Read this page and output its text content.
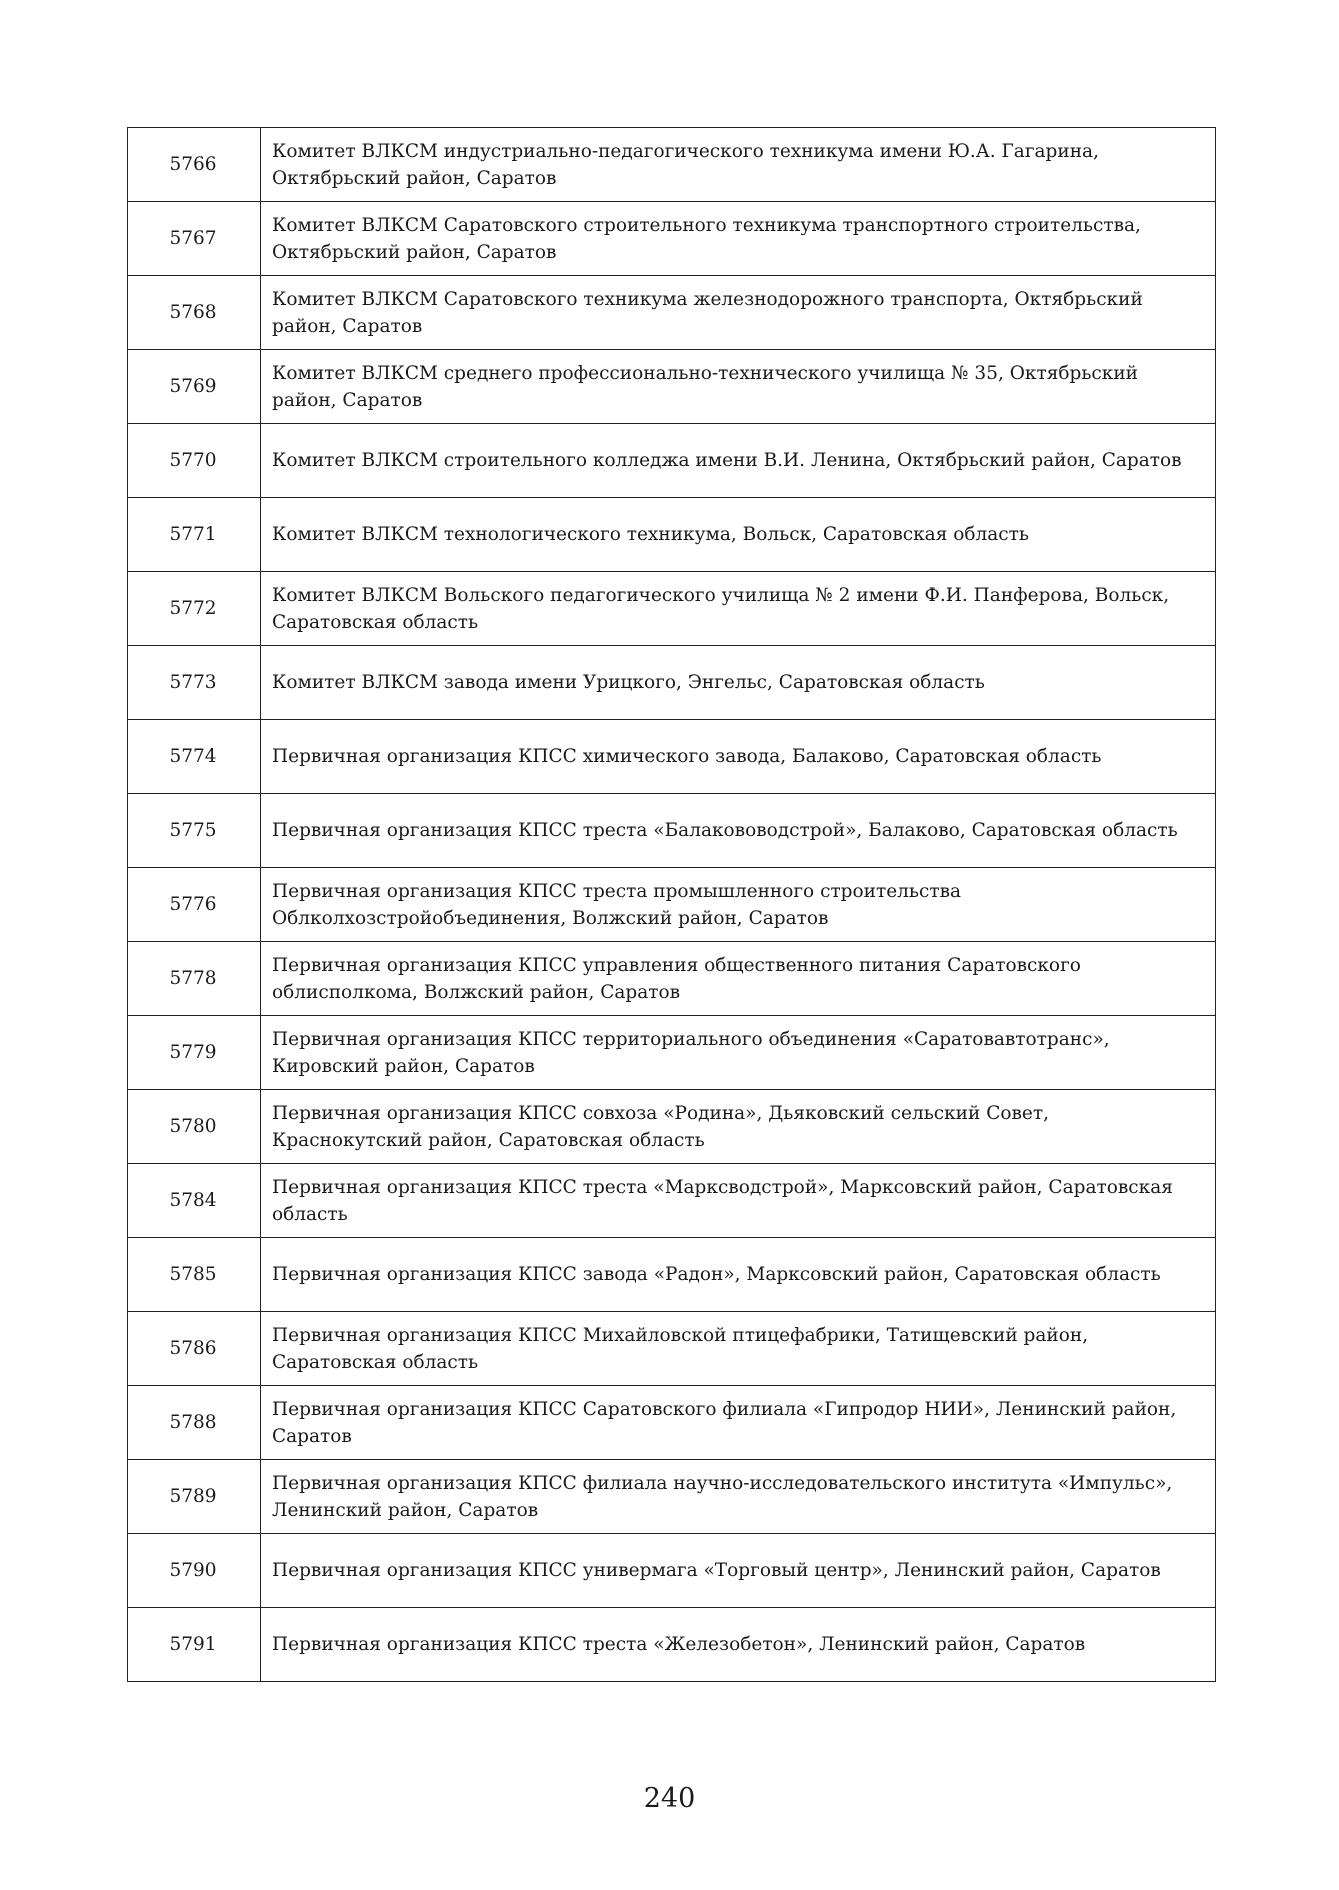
5766	Комитет ВЛКСМ индустриально-педагогического техникума имени Ю.А. Гагарина, Октябрьский район, Саратов
5767	Комитет ВЛКСМ Саратовского строительного техникума транспортного строительства, Октябрьский район, Саратов
5768	Комитет ВЛКСМ Саратовского техникума железнодорожного транспорта, Октябрьский район, Саратов
5769	Комитет ВЛКСМ среднего профессионально-технического училища № 35, Октябрьский район, Саратов
5770	Комитет ВЛКСМ строительного колледжа имени В.И. Ленина, Октябрьский район, Саратов
5771	Комитет ВЛКСМ технологического техникума, Вольск, Саратовская область
5772	Комитет ВЛКСМ Вольского педагогического училища № 2 имени Ф.И. Панферова, Вольск, Саратовская область
5773	Комитет ВЛКСМ завода имени Урицкого, Энгельс, Саратовская область
5774	Первичная организация КПСС химического завода, Балаково, Саратовская область
5775	Первичная организация КПСС треста «Балакововодстрой», Балаково, Саратовская область
5776	Первичная организация КПСС треста промышленного строительства Облколхозстройобъединения, Волжский район, Саратов
5778	Первичная организация КПСС управления общественного питания Саратовского облисполкома, Волжский район, Саратов
5779	Первичная организация КПСС территориального объединения «Саратовавтотранс», Кировский район, Саратов
5780	Первичная организация КПСС совхоза «Родина», Дьяковский сельский Совет, Краснокутский район, Саратовская область
5784	Первичная организация КПСС треста «Марксводстрой», Марксовский район, Саратовская область
5785	Первичная организация КПСС завода «Радон», Марксовский район, Саратовская область
5786	Первичная организация КПСС Михайловской птицефабрики, Татищевский район, Саратовская область
5788	Первичная организация КПСС Саратовского филиала «Гипродор НИИ», Ленинский район, Саратов
5789	Первичная организация КПСС филиала научно-исследовательского института «Импульс», Ленинский район, Саратов
5790	Первичная организация КПСС универмага «Торговый центр», Ленинский район, Саратов
5791	Первичная организация КПСС треста «Железобетон», Ленинский район, Саратов
240
